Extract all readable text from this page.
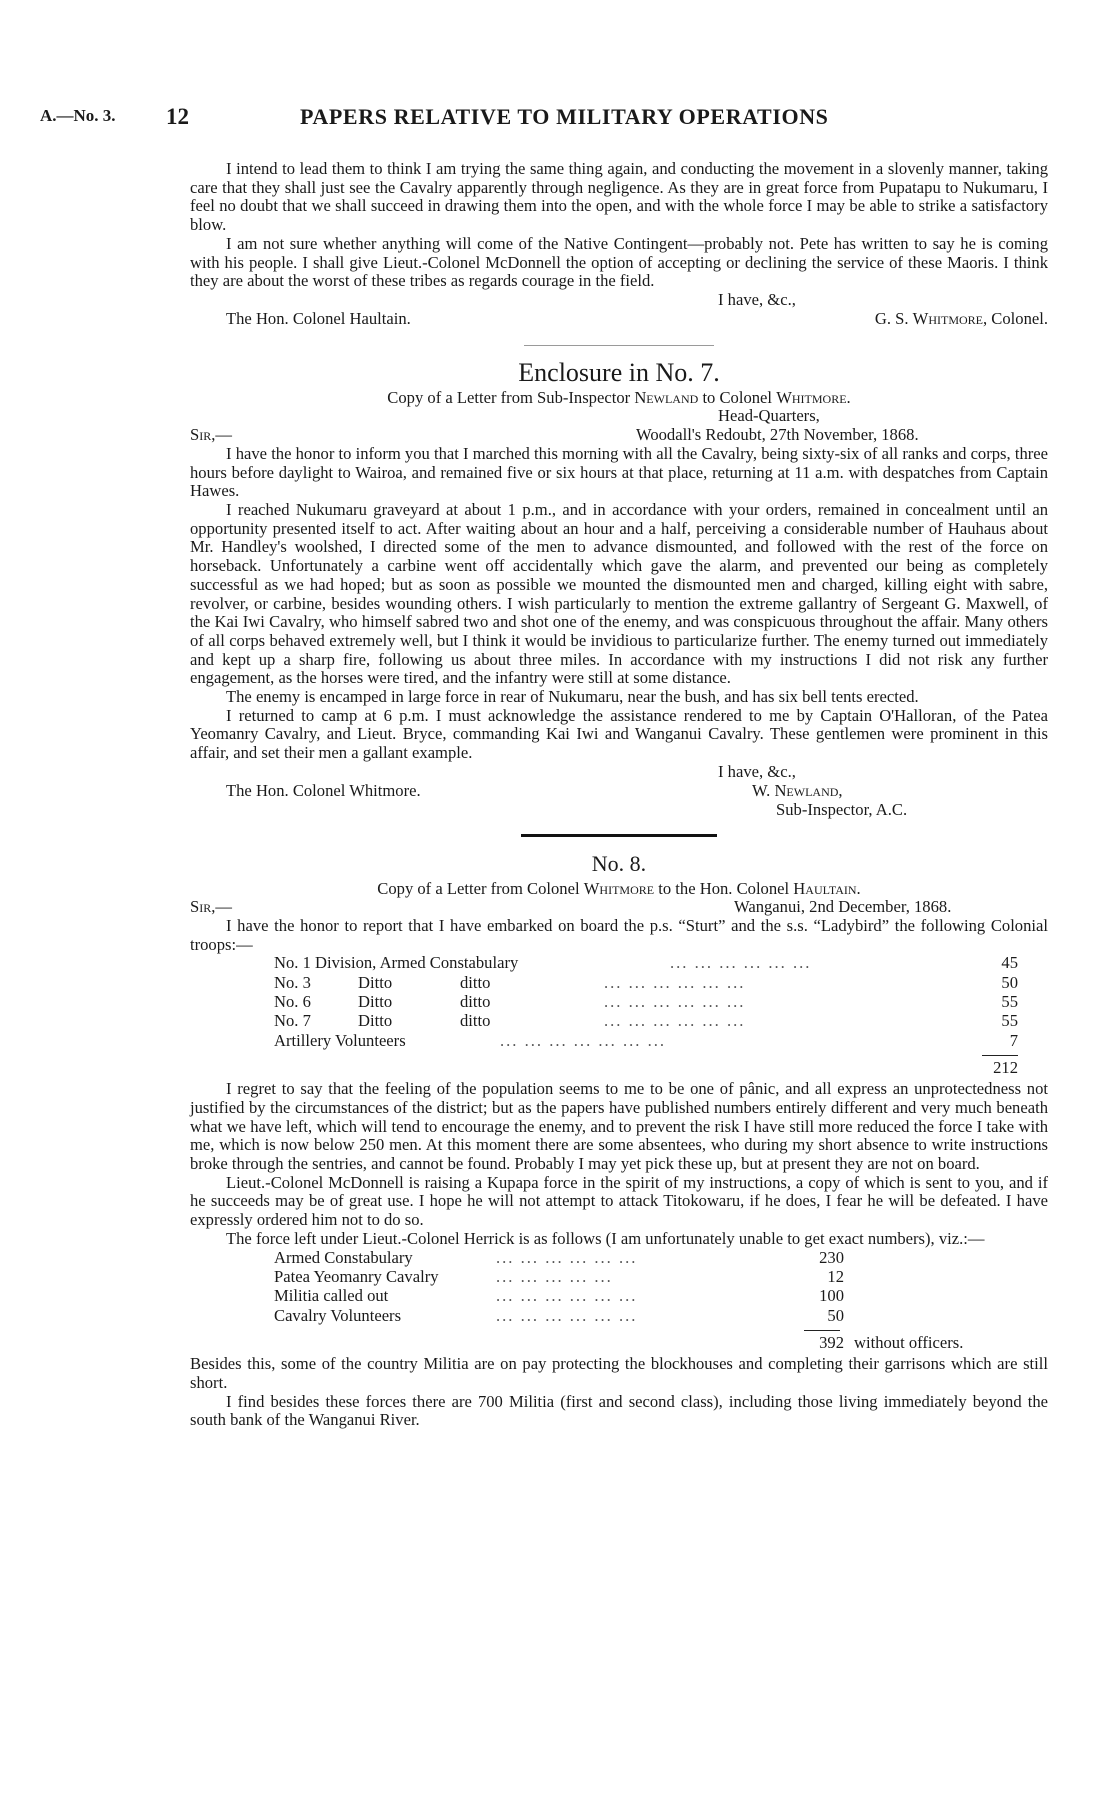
A.—No. 3. 12	PAPERS RELATIVE TO MILITARY OPERATIONS

I intend to lead them to think I am trying the same thing again, and conducting the movement in a slovenly manner, taking care that they shall just see the Cavalry apparently through negligence. As they are in great force from Pupatapu to Nukumaru, I feel no doubt that we shall succeed in drawing them into the open, and with the whole force I may be able to strike a satisfactory blow.

I am not sure whether anything will come of the Native Contingent—probably not. Pete has written to say he is coming with his people. I shall give Lieut.-Colonel McDonnell the option of accepting or declining the service of these Maoris. I think they are about the worst of these tribes as regards courage in the field.

I have, &c.,
The Hon. Colonel Haultain.	G. S. Whitmore, Colonel.
Enclosure in No. 7.
Copy of a Letter from Sub-Inspector Newland to Colonel Whitmore.
Head-Quarters,
Sir,—	Woodall's Redoubt, 27th November, 1868.

I have the honor to inform you that I marched this morning with all the Cavalry, being sixty-six of all ranks and corps, three hours before daylight to Wairoa, and remained five or six hours at that place, returning at 11 a.m. with despatches from Captain Hawes.

I reached Nukumaru graveyard at about 1 p.m., and in accordance with your orders, remained in concealment until an opportunity presented itself to act. After waiting about an hour and a half, perceiving a considerable number of Hauhaus about Mr. Handley's woolshed, I directed some of the men to advance dismounted, and followed with the rest of the force on horseback. Unfortunately a carbine went off accidentally which gave the alarm, and prevented our being as completely successful as we had hoped; but as soon as possible we mounted the dismounted men and charged, killing eight with sabre, revolver, or carbine, besides wounding others. I wish particularly to mention the extreme gallantry of Sergeant G. Maxwell, of the Kai Iwi Cavalry, who himself sabred two and shot one of the enemy, and was conspicuous throughout the affair. Many others of all corps behaved extremely well, but I think it would be invidious to particularize further. The enemy turned out immediately and kept up a sharp fire, following us about three miles. In accordance with my instructions I did not risk any further engagement, as the horses were tired, and the infantry were still at some distance.

The enemy is encamped in large force in rear of Nukumaru, near the bush, and has six bell tents erected.

I returned to camp at 6 p.m. I must acknowledge the assistance rendered to me by Captain O'Halloran, of the Patea Yeomanry Cavalry, and Lieut. Bryce, commanding Kai Iwi and Wanganui Cavalry. These gentlemen were prominent in this affair, and set their men a gallant example.

I have, &c.,
The Hon. Colonel Whitmore.	W. Newland,
Sub-Inspector, A.C.
No. 8.
Copy of a Letter from Colonel Whitmore to the Hon. Colonel Haultain.
Sir,—	Wanganui, 2nd December, 1868.

I have the honor to report that I have embarked on board the p.s. “Sturt” and the s.s. “Ladybird” the following Colonial troops:—

No. 1 Division, Armed Constabulary	... ... ... ... ... ...	45
No. 3	Ditto	ditto	... ... ... ... ... ...	50
No. 6	Ditto	ditto	... ... ... ... ... ...	55
No. 7	Ditto	ditto	... ... ... ... ... ...	55
Artillery Volunteers	... ... ... ... ... ... ...	7
212

I regret to say that the feeling of the population seems to me to be one of pânic, and all express an unprotectedness not justified by the circumstances of the district; but as the papers have published numbers entirely different and very much beneath what we have left, which will tend to encourage the enemy, and to prevent the risk I have still more reduced the force I take with me, which is now below 250 men. At this moment there are some absentees, who during my short absence to write instructions broke through the sentries, and cannot be found. Probably I may yet pick these up, but at present they are not on board.

Lieut.-Colonel McDonnell is raising a Kupapa force in the spirit of my instructions, a copy of which is sent to you, and if he succeeds may be of great use. I hope he will not attempt to attack Titokowaru, if he does, I fear he will be defeated. I have expressly ordered him not to do so.

The force left under Lieut.-Colonel Herrick is as follows (I am unfortunately unable to get exact numbers), viz.:—

Armed Constabulary	... ... ... ... ... ...	230
Patea Yeomanry Cavalry	... ... ... ... ...	12
Militia called out	... ... ... ... ... ...	100
Cavalry Volunteers	... ... ... ... ... ...	50
392 without officers.

Besides this, some of the country Militia are on pay protecting the blockhouses and completing their garrisons which are still short.

I find besides these forces there are 700 Militia (first and second class), including those living immediately beyond the south bank of the Wanganui River.
